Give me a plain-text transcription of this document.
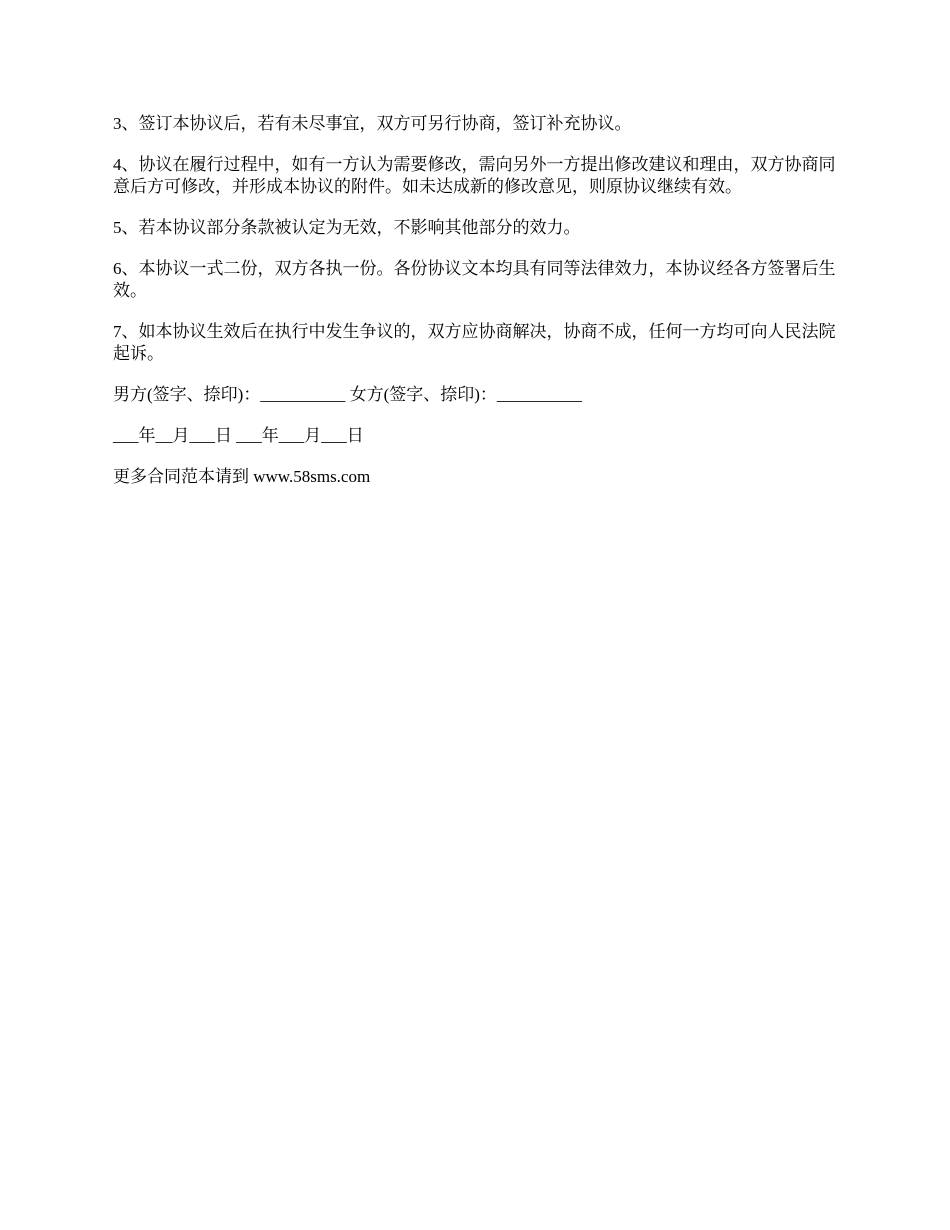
3、签订本协议后，若有未尽事宜，双方可另行协商，签订补充协议。

4、协议在履行过程中，如有一方认为需要修改，需向另外一方提出修改建议和理由，双方协商同意后方可修改，并形成本协议的附件。如未达成新的修改意见，则原协议继续有效。

5、若本协议部分条款被认定为无效，不影响其他部分的效力。

6、本协议一式二份，双方各执一份。各份协议文本均具有同等法律效力，本协议经各方签署后生效。

7、如本协议生效后在执行中发生争议的，双方应协商解决，协商不成，任何一方均可向人民法院起诉。

男方(签字、捺印)：__________ 女方(签字、捺印)：__________

___年__月___日 ___年___月___日

更多合同范本请到 www.58sms.com
